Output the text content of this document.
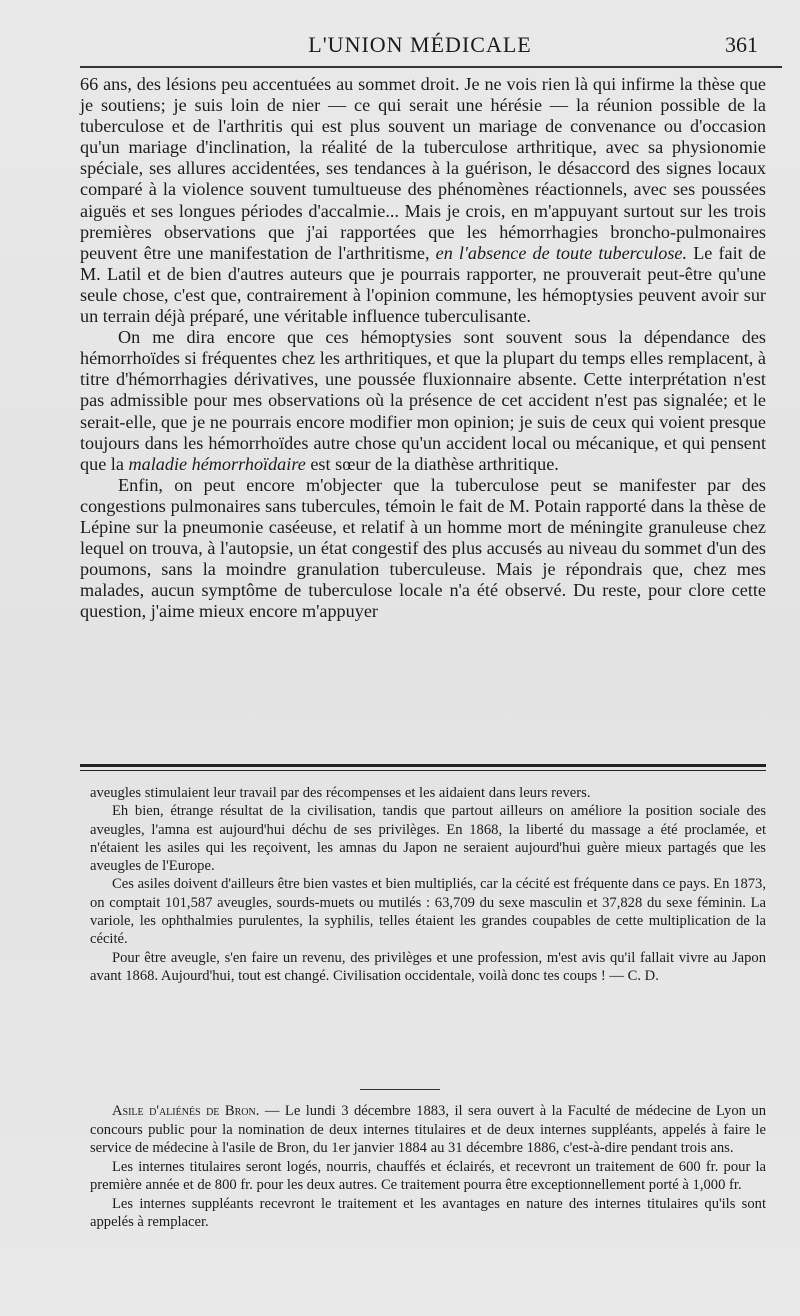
L'UNION MÉDICALE	361

66 ans, des lésions peu accentuées au sommet droit. Je ne vois rien là qui infirme la thèse que je soutiens; je suis loin de nier — ce qui serait une hérésie — la réunion possible de la tuberculose et de l'arthritis qui est plus souvent un mariage de convenance ou d'occasion qu'un mariage d'inclination, la réalité de la tuberculose arthritique, avec sa physionomie spéciale, ses allures accidentées, ses tendances à la guérison, le désaccord des signes locaux comparé à la violence souvent tumultueuse des phénomènes réactionnels, avec ses poussées aiguës et ses longues périodes d'accalmie... Mais je crois, en m'appuyant surtout sur les trois premières observations que j'ai rapportées que les hémorrhagies broncho-pulmonaires peuvent être une manifestation de l'arthritisme, en l'absence de toute tuberculose. Le fait de M. Latil et de bien d'autres auteurs que je pourrais rapporter, ne prouverait peut-être qu'une seule chose, c'est que, contrairement à l'opinion commune, les hémoptysies peuvent avoir sur un terrain déjà préparé, une véritable influence tuberculisante.

On me dira encore que ces hémoptysies sont souvent sous la dépendance des hémorrhoïdes si fréquentes chez les arthritiques, et que la plupart du temps elles remplacent, à titre d'hémorrhagies dérivatives, une poussée fluxionnaire absente. Cette interprétation n'est pas admissible pour mes observations où la présence de cet accident n'est pas signalée; et le serait-elle, que je ne pourrais encore modifier mon opinion; je suis de ceux qui voient presque toujours dans les hémorrhoïdes autre chose qu'un accident local ou mécanique, et qui pensent que la maladie hémorrhoïdaire est sœur de la diathèse arthritique.

Enfin, on peut encore m'objecter que la tuberculose peut se manifester par des congestions pulmonaires sans tubercules, témoin le fait de M. Potain rapporté dans la thèse de Lépine sur la pneumonie caséeuse, et relatif à un homme mort de méningite granuleuse chez lequel on trouva, à l'autopsie, un état congestif des plus accusés au niveau du sommet d'un des poumons, sans la moindre granulation tuberculeuse. Mais je répondrais que, chez mes malades, aucun symptôme de tuberculose locale n'a été observé. Du reste, pour clore cette question, j'aime mieux encore m'appuyer

aveugles stimulaient leur travail par des récompenses et les aidaient dans leurs revers.

Eh bien, étrange résultat de la civilisation, tandis que partout ailleurs on améliore la position sociale des aveugles, l'amna est aujourd'hui déchu de ses privilèges. En 1868, la liberté du massage a été proclamée, et n'étaient les asiles qui les reçoivent, les amnas du Japon ne seraient aujourd'hui guère mieux partagés que les aveugles de l'Europe.

Ces asiles doivent d'ailleurs être bien vastes et bien multipliés, car la cécité est fréquente dans ce pays. En 1873, on comptait 101,587 aveugles, sourds-muets ou mutilés : 63,709 du sexe masculin et 37,828 du sexe féminin. La variole, les ophthalmies purulentes, la syphilis, telles étaient les grandes coupables de cette multiplication de la cécité.

Pour être aveugle, s'en faire un revenu, des privilèges et une profession, m'est avis qu'il fallait vivre au Japon avant 1868. Aujourd'hui, tout est changé. Civilisation occidentale, voilà donc tes coups ! — C. D.

Asile d'aliénés de Bron. — Le lundi 3 décembre 1883, il sera ouvert à la Faculté de médecine de Lyon un concours public pour la nomination de deux internes titulaires et de deux internes suppléants, appelés à faire le service de médecine à l'asile de Bron, du 1er janvier 1884 au 31 décembre 1886, c'est-à-dire pendant trois ans.

Les internes titulaires seront logés, nourris, chauffés et éclairés, et recevront un traitement de 600 fr. pour la première année et de 800 fr. pour les deux autres. Ce traitement pourra être exceptionnellement porté à 1,000 fr.

Les internes suppléants recevront le traitement et les avantages en nature des internes titulaires qu'ils sont appelés à remplacer.
